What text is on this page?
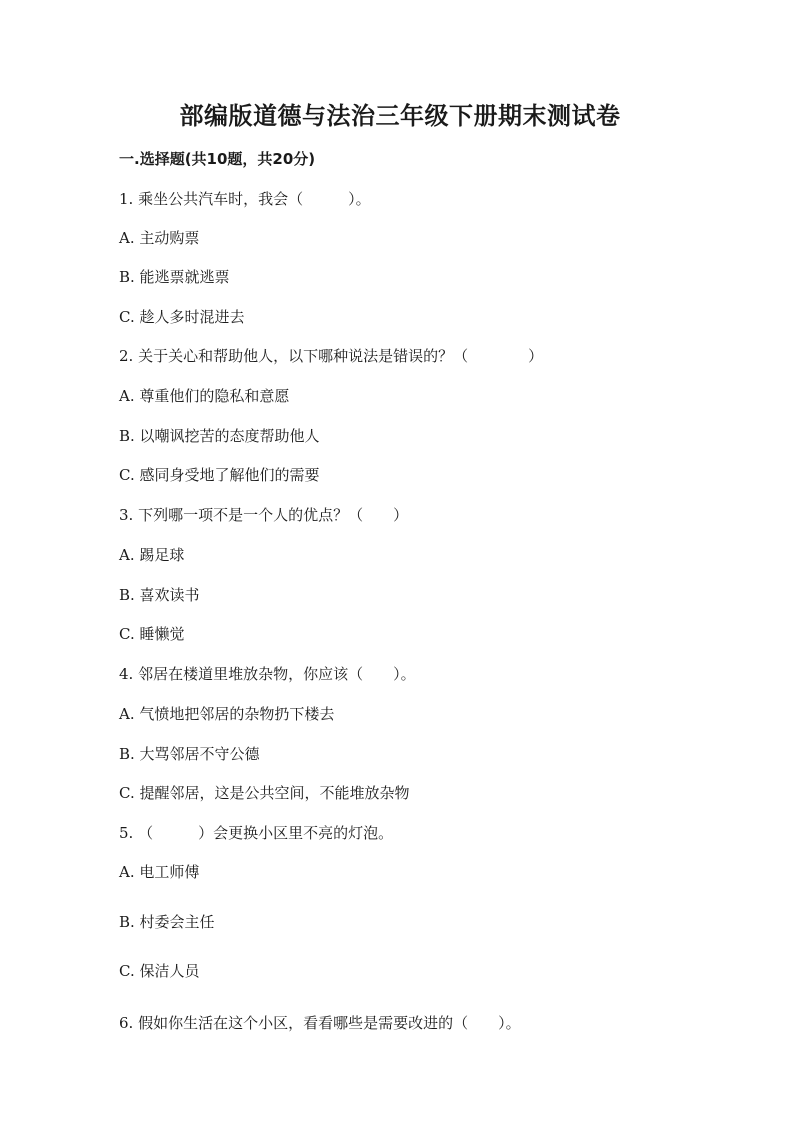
部编版道德与法治三年级下册期末测试卷
一.选择题(共10题，共20分)
1. 乘坐公共汽车时，我会（　　　）。
A. 主动购票
B. 能逃票就逃票
C. 趁人多时混进去
2. 关于关心和帮助他人，以下哪种说法是错误的？（　　　　）
A. 尊重他们的隐私和意愿
B. 以嘲讽挖苦的态度帮助他人
C. 感同身受地了解他们的需要
3. 下列哪一项不是一个人的优点？（　　）
A. 踢足球
B. 喜欢读书
C. 睡懒觉
4. 邻居在楼道里堆放杂物，你应该（　　）。
A. 气愤地把邻居的杂物扔下楼去
B. 大骂邻居不守公德
C. 提醒邻居，这是公共空间，不能堆放杂物
5. （　　　）会更换小区里不亮的灯泡。
A. 电工师傅
B. 村委会主任
C. 保洁人员
6. 假如你生活在这个小区，看看哪些是需要改进的（　　）。
